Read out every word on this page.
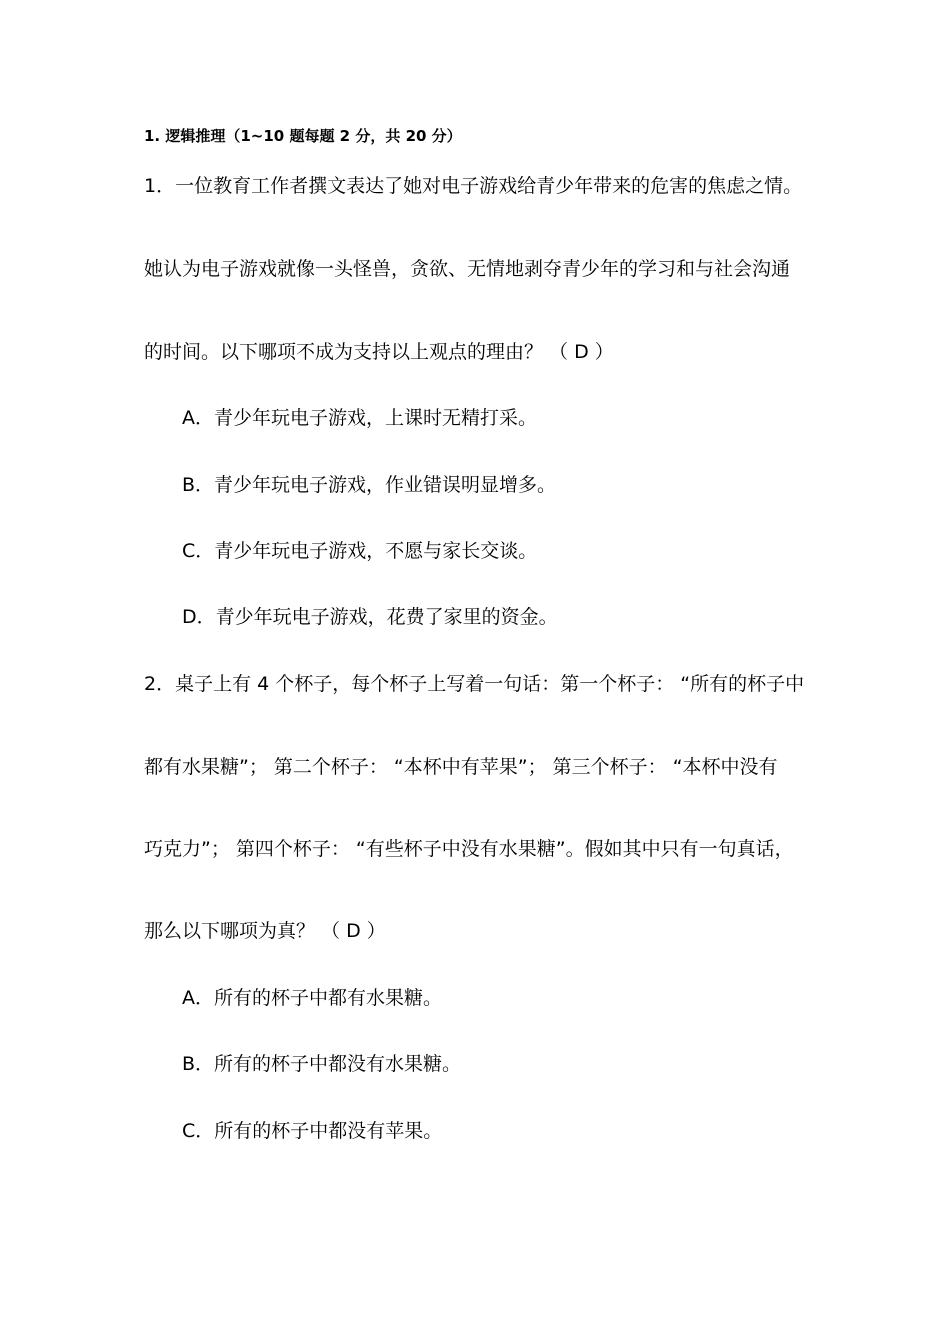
1. 逻辑推理（1~10 题每题 2 分，共 20 分）
1．一位教育工作者撰文表达了她对电子游戏给青少年带来的危害的焦虑之情。
她认为电子游戏就像一头怪兽，贪欲、无情地剥夺青少年的学习和与社会沟通
的时间。以下哪项不成为支持以上观点的理由？ （ D ）
A．青少年玩电子游戏，上课时无精打采。
B．青少年玩电子游戏，作业错误明显增多。
C．青少年玩电子游戏，不愿与家长交谈。
D．青少年玩电子游戏，花费了家里的资金。
2．桌子上有 4 个杯子，每个杯子上写着一句话：第一个杯子： “所有的杯子中
都有水果糖”； 第二个杯子： “本杯中有苹果”； 第三个杯子： “本杯中没有
巧克力”； 第四个杯子： “有些杯子中没有水果糖”。假如其中只有一句真话，
那么以下哪项为真？ （ D ）
A．所有的杯子中都有水果糖。
B．所有的杯子中都没有水果糖。
C．所有的杯子中都没有苹果。
